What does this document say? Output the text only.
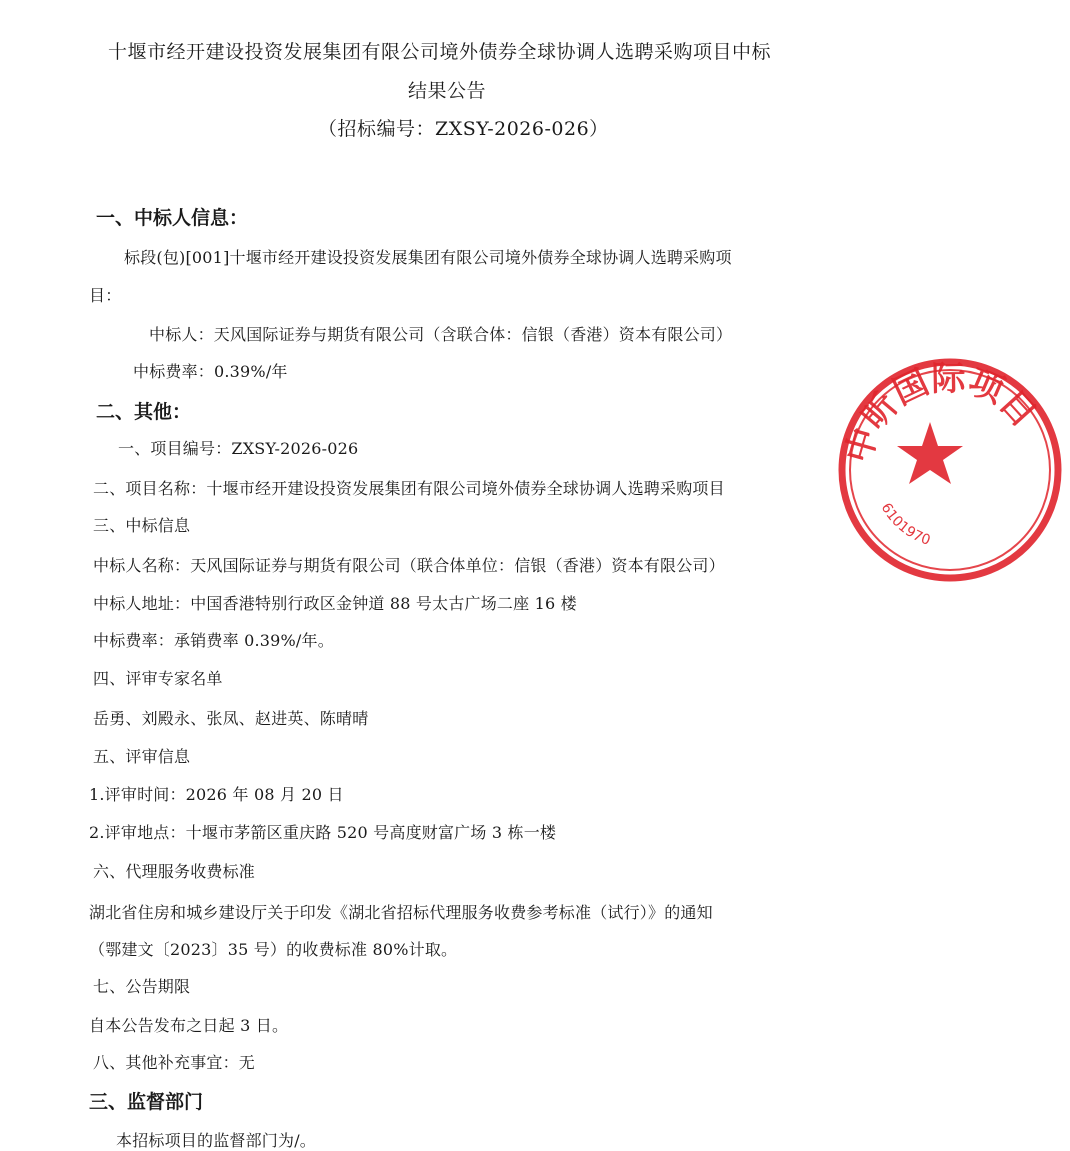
十堰市经开建设投资发展集团有限公司境外债券全球协调人选聘采购项目中标
结果公告
（招标编号：ZXSY-2026-026）
一、中标人信息：
标段(包)[001]十堰市经开建设投资发展集团有限公司境外债券全球协调人选聘采购项
目：
中标人：天风国际证券与期货有限公司（含联合体：信银（香港）资本有限公司）
中标费率：0.39%/年
二、其他：
一、项目编号：ZXSY-2026-026
二、项目名称：十堰市经开建设投资发展集团有限公司境外债券全球协调人选聘采购项目
三、中标信息
中标人名称：天风国际证券与期货有限公司（联合体单位：信银（香港）资本有限公司）
中标人地址：中国香港特别行政区金钟道 88 号太古广场二座 16 楼
中标费率：承销费率 0.39%/年。
四、评审专家名单
岳勇、刘殿永、张凤、赵进英、陈晴晴
五、评审信息
1.评审时间：2026 年 08 月 20 日
2.评审地点：十堰市茅箭区重庆路 520 号高度财富广场 3 栋一楼
六、代理服务收费标准
湖北省住房和城乡建设厅关于印发《湖北省招标代理服务收费参考标准（试行）》的通知
（鄂建文〔2023〕35 号）的收费标准 80%计取。
七、公告期限
自本公告发布之日起 3 日。
八、其他补充事宜：无
三、监督部门
本招标项目的监督部门为/。
中昕国际项目
6101970
